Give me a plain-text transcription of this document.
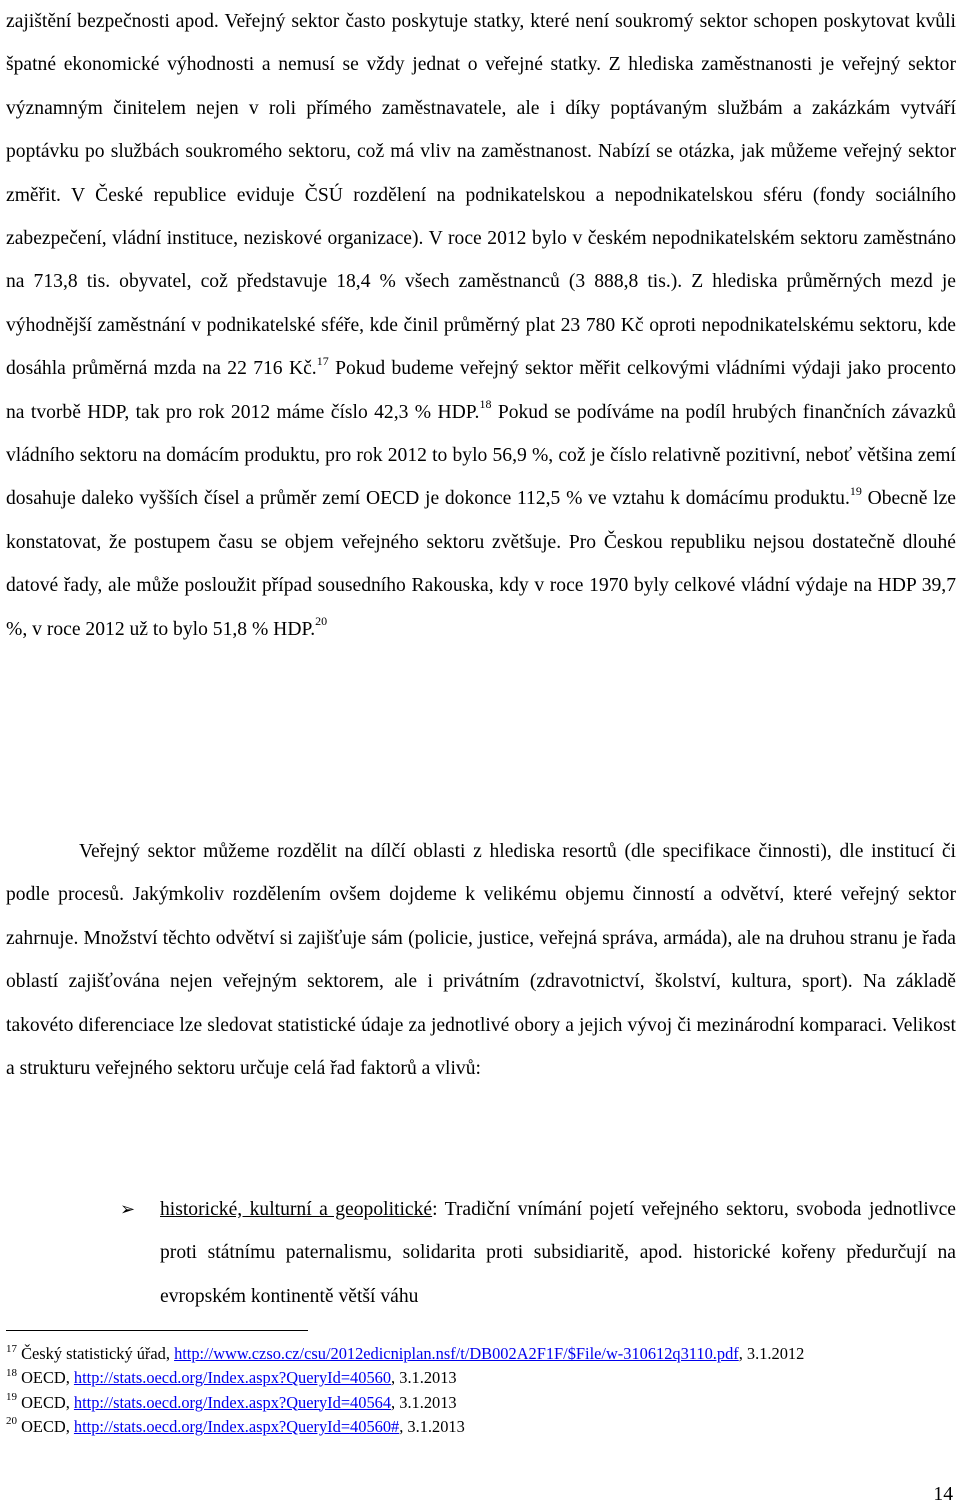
zajištění bezpečnosti apod. Veřejný sektor často poskytuje statky, které není soukromý sektor schopen poskytovat kvůli špatné ekonomické výhodnosti a nemusí se vždy jednat o veřejné statky. Z hlediska zaměstnanosti je veřejný sektor významným činitelem nejen v roli přímého zaměstnavatele, ale i díky poptávaným službám a zakázkám vytváří poptávku po službách soukromého sektoru, což má vliv na zaměstnanost. Nabízí se otázka, jak můžeme veřejný sektor změřit. V České republice eviduje ČSÚ rozdělení na podnikatelskou a nepodnikatelskou sféru (fondy sociálního zabezpečení, vládní instituce, neziskové organizace). V roce 2012 bylo v českém nepodnikatelském sektoru zaměstnáno na 713,8 tis. obyvatel, což představuje 18,4 % všech zaměstnanců (3 888,8 tis.). Z hlediska průměrných mezd je výhodnější zaměstnání v podnikatelské sféře, kde činil průměrný plat 23 780 Kč oproti nepodnikatelskému sektoru, kde dosáhla průměrná mzda na 22 716 Kč.$^{17}$ Pokud budeme veřejný sektor měřit celkovými vládními výdaji jako procento na tvorbě HDP, tak pro rok 2012 máme číslo 42,3 % HDP.$^{18}$ Pokud se podíváme na podíl hrubých finančních závazků vládního sektoru na domácím produktu, pro rok 2012 to bylo 56,9 %, což je číslo relativně pozitivní, neboť většina zemí dosahuje daleko vyšších čísel a průměr zemí OECD je dokonce 112,5 % ve vztahu k domácímu produktu.$^{19}$ Obecně lze konstatovat, že postupem času se objem veřejného sektoru zvětšuje. Pro Českou republiku nejsou dostatečně dlouhé datové řady, ale může posloužit případ sousedního Rakouska, kdy v roce 1970 byly celkové vládní výdaje na HDP 39,7 %, v roce 2012 už to bylo 51,8 % HDP.$^{20}$

Veřejný sektor můžeme rozdělit na dílčí oblasti z hlediska resortů (dle specifikace činnosti), dle institucí či podle procesů. Jakýmkoliv rozdělením ovšem dojdeme k velikému objemu činností a odvětví, které veřejný sektor zahrnuje. Množství těchto odvětví si zajišťuje sám (policie, justice, veřejná správa, armáda), ale na druhou stranu je řada oblastí zajišťována nejen veřejným sektorem, ale i privátním (zdravotnictví, školství, kultura, sport). Na základě takovéto diferenciace lze sledovat statistické údaje za jednotlivé obory a jejich vývoj či mezinárodní komparaci. Velikost a strukturu veřejného sektoru určuje celá řad faktorů a vlivů:

➢	historické, kulturní a geopolitické: Tradiční vnímání pojetí veřejného sektoru, svoboda jednotlivce proti státnímu paternalismu, solidarita proti subsidiaritě, apod. historické kořeny předurčují na evropském kontinentě větší váhu

$^{17}$ Český statistický úřad, http://www.czso.cz/csu/2012edicniplan.nsf/t/DB002A2F1F/$File/w-310612q3110.pdf, 3.1.2012

$^{18}$ OECD, http://stats.oecd.org/Index.aspx?QueryId=40560, 3.1.2013

$^{19}$ OECD, http://stats.oecd.org/Index.aspx?QueryId=40564, 3.1.2013

$^{20}$ OECD, http://stats.oecd.org/Index.aspx?QueryId=40560#, 3.1.2013

14
